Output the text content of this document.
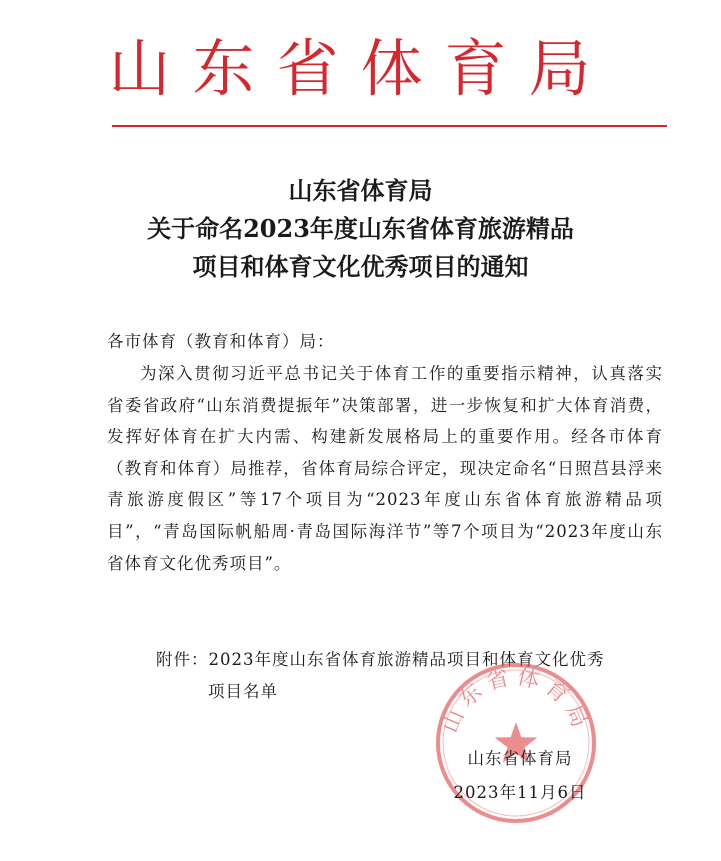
山东省体育局
山东省体育局
关于命名2023年度山东省体育旅游精品
项目和体育文化优秀项目的通知
各市体育（教育和体育）局：
为深入贯彻习近平总书记关于体育工作的重要指示精神，认真落实省委省政府“山东消费提振年”决策部署，进一步恢复和扩大体育消费，发挥好体育在扩大内需、构建新发展格局上的重要作用。经各市体育（教育和体育）局推荐，省体育局综合评定，现决定命名“日照莒县浮来青旅游度假区”等17个项目为“2023年度山东省体育旅游精品项目”，“青岛国际帆船周·青岛国际海洋节”等7个项目为“2023年度山东省体育文化优秀项目”。
附件：2023年度山东省体育旅游精品项目和体育文化优秀
项目名单
山东省体育局
山东省体育局
2023年11月6日
